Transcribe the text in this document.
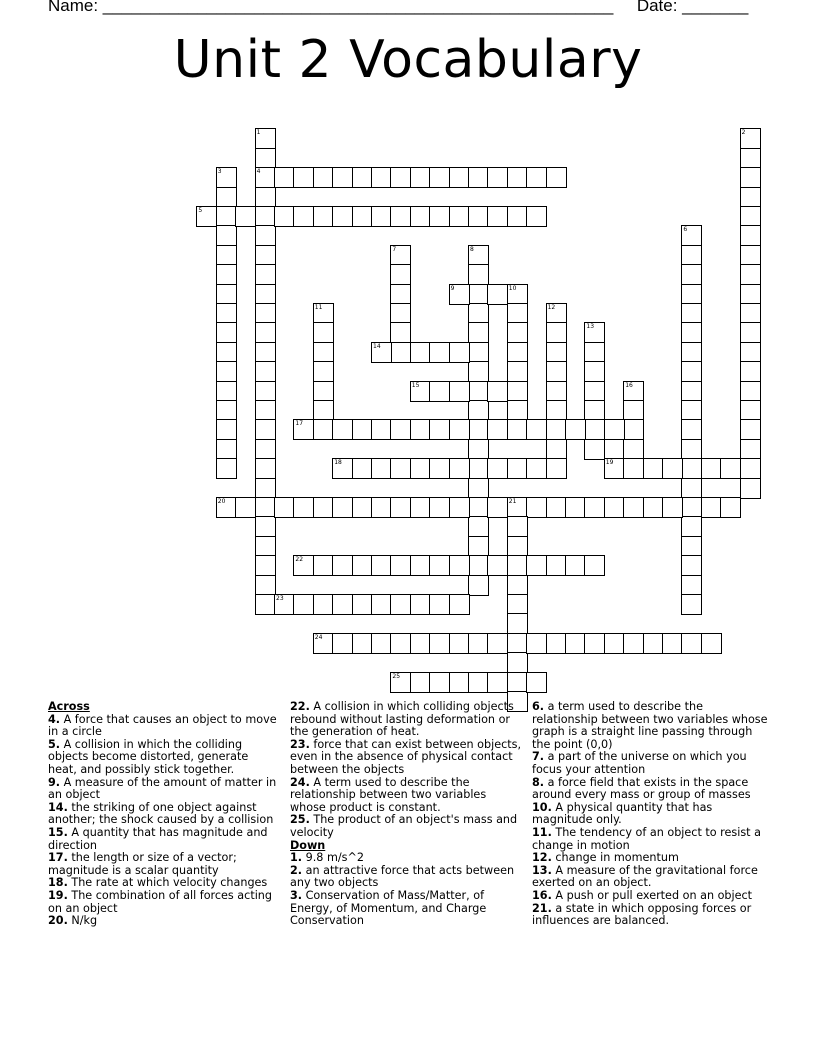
Name: ______________________________________________________ Date: _______
Unit 2 Vocabulary
1
4
2
3
5
6
7	8
9	10
11	12
13
14
15	16
17
18	19
20	21
22
23
24
25

Across

4. A force that causes an object to move in a circle

5. A collision in which the colliding objects become distorted, generate heat, and possibly stick together.

9. A measure of the amount of matter in an object

14. the striking of one object against another; the shock caused by a collision

15. A quantity that has magnitude and direction

17. the length or size of a vector; magnitude is a scalar quantity

18. The rate at which velocity changes

19. The combination of all forces acting on an object

20. N/kg

22. A collision in which colliding objects rebound without lasting deformation or the generation of heat.

23. force that can exist between objects, even in the absence of physical contact between the objects

24. A term used to describe the relationship between two variables whose product is constant.

25. The product of an object's mass and velocity

Down

1. 9.8 m/s^2

2. an attractive force that acts between any two objects

3. Conservation of Mass/Matter, of Energy, of Momentum, and Charge Conservation

6. a term used to describe the relationship between two variables whose graph is a straight line passing through the point (0,0)

7. a part of the universe on which you focus your attention

8. a force field that exists in the space around every mass or group of masses

10. A physical quantity that has magnitude only.

11. The tendency of an object to resist a change in motion

12. change in momentum

13. A measure of the gravitational force exerted on an object.

16. A push or pull exerted on an object

21. a state in which opposing forces or influences are balanced.
